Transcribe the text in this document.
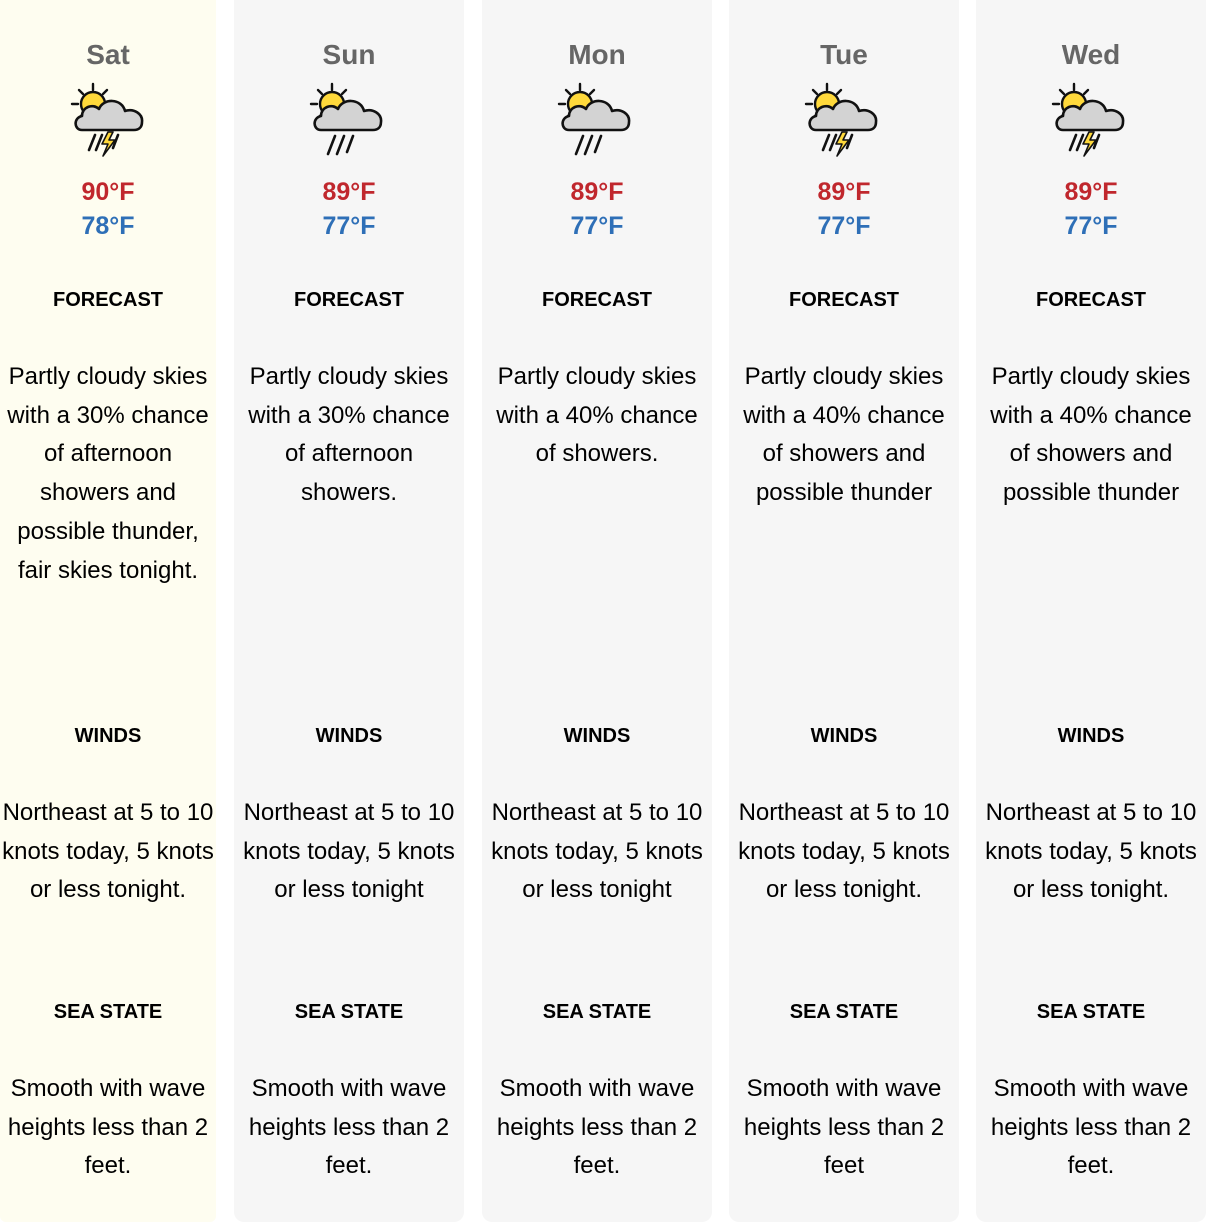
Sat
90°F
78°F
FORECAST
Partly cloudy skies with a 30% chance of afternoon showers and possible thunder, fair skies tonight.
WINDS
Northeast at 5 to 10 knots today, 5 knots or less tonight.
SEA STATE
Smooth with wave heights less than 2 feet.
Sun
89°F
77°F
FORECAST
Partly cloudy skies with a 30% chance of afternoon showers.
WINDS
Northeast at 5 to 10 knots today, 5 knots or less tonight
SEA STATE
Smooth with wave heights less than 2 feet.
Mon
89°F
77°F
FORECAST
Partly cloudy skies with a 40% chance of showers.
WINDS
Northeast at 5 to 10 knots today, 5 knots or less tonight
SEA STATE
Smooth with wave heights less than 2 feet.
Tue
89°F
77°F
FORECAST
Partly cloudy skies with a 40% chance of showers and possible thunder
WINDS
Northeast at 5 to 10 knots today, 5 knots or less tonight.
SEA STATE
Smooth with wave heights less than 2 feet
Wed
89°F
77°F
FORECAST
Partly cloudy skies with a 40% chance of showers and possible thunder
WINDS
Northeast at 5 to 10 knots today, 5 knots or less tonight.
SEA STATE
Smooth with wave heights less than 2 feet.
